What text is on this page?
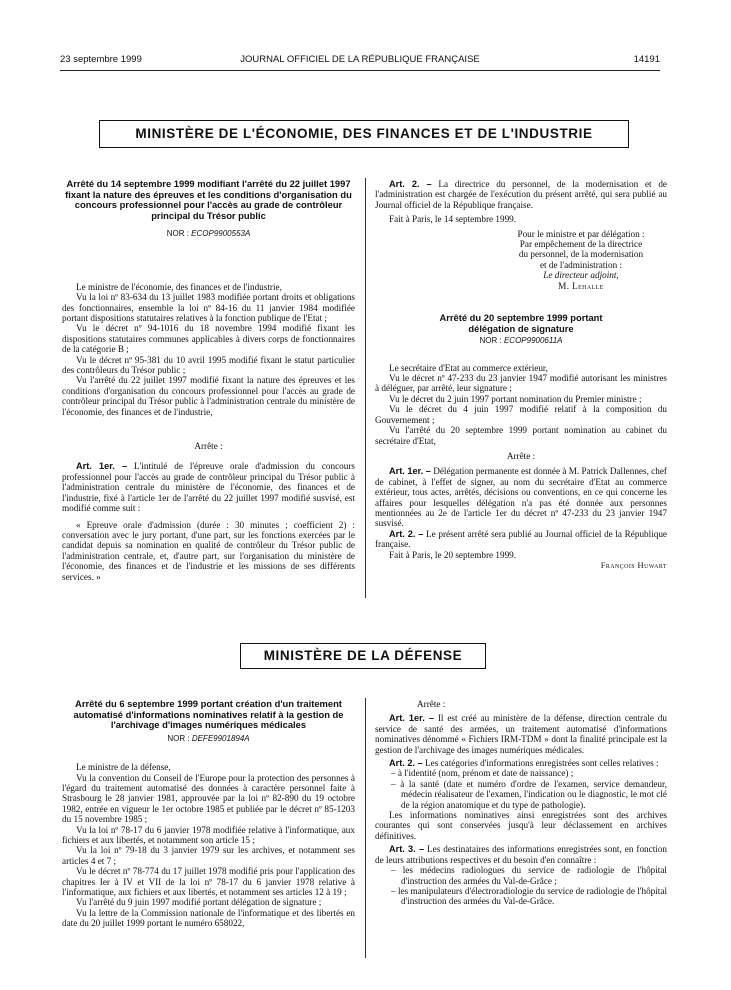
23 septembre 1999	JOURNAL OFFICIEL DE LA RÉPUBLIQUE FRANÇAISE	14191
MINISTÈRE DE L'ÉCONOMIE, DES FINANCES ET DE L'INDUSTRIE
Arrêté du 14 septembre 1999 modifiant l'arrêté du 22 juillet 1997 fixant la nature des épreuves et les conditions d'organisation du concours professionnel pour l'accès au grade de contrôleur principal du Trésor public
NOR : ECOP9900553A

Le ministre de l'économie, des finances et de l'industrie,

Vu la loi nº 83-634 du 13 juillet 1983 modifiée portant droits et obligations des fonctionnaires, ensemble la loi nº 84-16 du 11 janvier 1984 modifiée portant dispositions statutaires relatives à la fonction publique de l'Etat ;

Vu le décret nº 94-1016 du 18 novembre 1994 modifié fixant les dispositions statutaires communes applicables à divers corps de fonctionnaires de la catégorie B ;

Vu le décret nº 95-381 du 10 avril 1995 modifié fixant le statut particulier des contrôleurs du Trésor public ;

Vu l'arrêté du 22 juillet 1997 modifié fixant la nature des épreuves et les conditions d'organisation du concours professionnel pour l'accès au grade de contrôleur principal du Trésor public à l'administration centrale du ministère de l'économie, des finances et de l'industrie,

Arrête :

Art. 1er. – L'intitulé de l'épreuve orale d'admission du concours professionnel pour l'accès au grade de contrôleur principal du Trésor public à l'administration centrale du ministère de l'économie, des finances et de l'industrie, fixé à l'article 1er de l'arrêté du 22 juillet 1997 modifié susvisé, est modifié comme suit :

« Epreuve orale d'admission (durée : 30 minutes ; coefficient 2) : conversation avec le jury portant, d'une part, sur les fonctions exercées par le candidat depuis sa nomination en qualité de contrôleur du Trésor public de l'administration centrale, et, d'autre part, sur l'organisation du ministère de l'économie, des finances et de l'industrie et les missions de ses différents services. »

Art. 2. – La directrice du personnel, de la modernisation et de l'administration est chargée de l'exécution du présent arrêté, qui sera publié au Journal officiel de la République française.

Fait à Paris, le 14 septembre 1999.

Pour le ministre et par délégation :
Par empêchement de la directrice
du personnel, de la modernisation
et de l'administration :
Le directeur adjoint,
M. Lehalle
Arrêté du 20 septembre 1999 portant délégation de signature
NOR : ECOP9900611A

Le secrétaire d'Etat au commerce extérieur,

Vu le décret nº 47-233 du 23 janvier 1947 modifié autorisant les ministres à déléguer, par arrêté, leur signature ;

Vu le décret du 2 juin 1997 portant nomination du Premier ministre ;

Vu le décret du 4 juin 1997 modifié relatif à la composition du Gouvernement ;

Vu l'arrêté du 20 septembre 1999 portant nomination au cabinet du secrétaire d'Etat,

Arrête :

Art. 1er. – Délégation permanente est donnée à M. Patrick Dallennes, chef de cabinet, à l'effet de signer, au nom du secrétaire d'Etat au commerce extérieur, tous actes, arrêtés, décisions ou conventions, en ce qui concerne les affaires pour lesquelles délégation n'a pas été donnée aux personnes mentionnées au 2e de l'article 1er du décret nº 47-233 du 23 janvier 1947 susvisé.

Art. 2. – Le présent arrêté sera publié au Journal officiel de la République française.

Fait à Paris, le 20 septembre 1999.

François Huwart
MINISTÈRE DE LA DÉFENSE
Arrêté du 6 septembre 1999 portant création d'un traitement automatisé d'informations nominatives relatif à la gestion de l'archivage d'images numériques médicales
NOR : DEFE9901894A

Le ministre de la défense,

Vu la convention du Conseil de l'Europe pour la protection des personnes à l'égard du traitement automatisé des données à caractère personnel faite à Strasbourg le 28 janvier 1981, approuvée par la loi nº 82-890 du 19 octobre 1982, entrée en vigueur le 1er octobre 1985 et publiée par le décret nº 85-1203 du 15 novembre 1985 ;

Vu la loi nº 78-17 du 6 janvier 1978 modifiée relative à l'informatique, aux fichiers et aux libertés, et notamment son article 15 ;

Vu la loi nº 79-18 du 3 janvier 1979 sur les archives, et notamment ses articles 4 et 7 ;

Vu le décret nº 78-774 du 17 juillet 1978 modifié pris pour l'application des chapitres Ier à IV et VII de la loi nº 78-17 du 6 janvier 1978 relative à l'informatique, aux fichiers et aux libertés, et notamment ses articles 12 à 19 ;

Vu l'arrêté du 9 juin 1997 modifié portant délégation de signature ;

Vu la lettre de la Commission nationale de l'informatique et des libertés en date du 20 juillet 1999 portant le numéro 658022,

Arrête :

Art. 1er. – Il est créé au ministère de la défense, direction centrale du service de santé des armées, un traitement automatisé d'informations nominatives dénommé « Fichiers IRM-TDM » dont la finalité principale est la gestion de l'archivage des images numériques médicales.

Art. 2. – Les catégories d'informations enregistrées sont celles relatives :

– à l'identité (nom, prénom et date de naissance) ;

– à la santé (date et numéro d'ordre de l'examen, service demandeur, médecin réalisateur de l'examen, l'indication ou le diagnostic, le mot clé de la région anatomique et du type de pathologie).

Les informations nominatives ainsi enregistrées sont des archives courantes qui sont conservées jusqu'à leur déclassement en archives définitives.

Art. 3. – Les destinataires des informations enregistrées sont, en fonction de leurs attributions respectives et du besoin d'en connaître :

– les médecins radiologues du service de radiologie de l'hôpital d'instruction des armées du Val-de-Grâce ;

– les manipulateurs d'électroradiologie du service de radiologie de l'hôpital d'instruction des armées du Val-de-Grâce.
